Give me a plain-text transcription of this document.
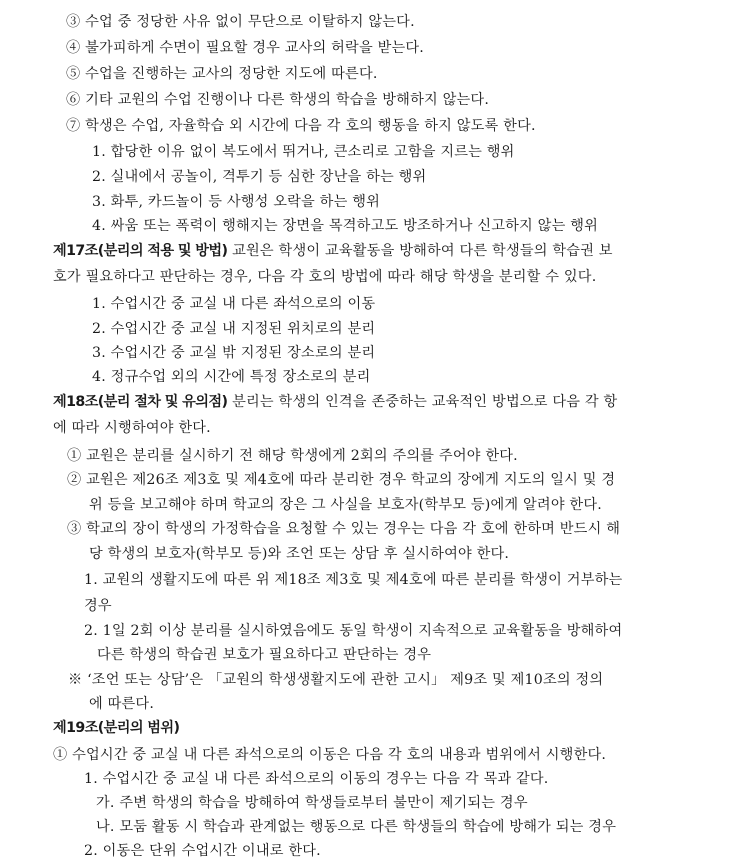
③ 수업 중 정당한 사유 없이 무단으로 이탈하지 않는다.
④ 불가피하게 수면이 필요할 경우 교사의 허락을 받는다.
⑤ 수업을 진행하는 교사의 정당한 지도에 따른다.
⑥ 기타 교원의 수업 진행이나 다른 학생의 학습을 방해하지 않는다.
⑦ 학생은 수업, 자율학습 외 시간에 다음 각 호의 행동을 하지 않도록 한다.
1. 합당한 이유 없이 복도에서 뛰거나, 큰소리로 고함을 지르는 행위
2. 실내에서 공놀이, 격투기 등 심한 장난을 하는 행위
3. 화투, 카드놀이 등 사행성 오락을 하는 행위
4. 싸움 또는 폭력이 행해지는 장면을 목격하고도 방조하거나 신고하지 않는 행위
제17조(분리의 적용 및 방법) 교원은 학생이 교육활동을 방해하여 다른 학생들의 학습권 보
호가 필요하다고 판단하는 경우, 다음 각 호의 방법에 따라 해당 학생을 분리할 수 있다.
1. 수업시간 중 교실 내 다른 좌석으로의 이동
2. 수업시간 중 교실 내 지정된 위치로의 분리
3. 수업시간 중 교실 밖 지정된 장소로의 분리
4. 정규수업 외의 시간에 특정 장소로의 분리
제18조(분리 절차 및 유의점) 분리는 학생의 인격을 존중하는 교육적인 방법으로 다음 각 항
에 따라 시행하여야 한다.
① 교원은 분리를 실시하기 전 해당 학생에게 2회의 주의를 주어야 한다.
② 교원은 제26조 제3호 및 제4호에 따라 분리한 경우 학교의 장에게 지도의 일시 및 경
위 등을 보고해야 하며 학교의 장은 그 사실을 보호자(학부모 등)에게 알려야 한다.
③ 학교의 장이 학생의 가정학습을 요청할 수 있는 경우는 다음 각 호에 한하며 반드시 해
당 학생의 보호자(학부모 등)와 조언 또는 상담 후 실시하여야 한다.
1. 교원의 생활지도에 따른 위 제18조 제3호 및 제4호에 따른 분리를 학생이 거부하는
경우
2. 1일 2회 이상 분리를 실시하였음에도 동일 학생이 지속적으로 교육활동을 방해하여
다른 학생의 학습권 보호가 필요하다고 판단하는 경우
※ ‘조언 또는 상담’은 「교원의 학생생활지도에 관한 고시」 제9조 및 제10조의 정의
에 따른다.
제19조(분리의 범위)
① 수업시간 중 교실 내 다른 좌석으로의 이동은 다음 각 호의 내용과 범위에서 시행한다.
1. 수업시간 중 교실 내 다른 좌석으로의 이동의 경우는 다음 각 목과 같다.
가. 주변 학생의 학습을 방해하여 학생들로부터 불만이 제기되는 경우
나. 모둠 활동 시 학습과 관계없는 행동으로 다른 학생들의 학습에 방해가 되는 경우
2. 이동은 단위 수업시간 이내로 한다.
